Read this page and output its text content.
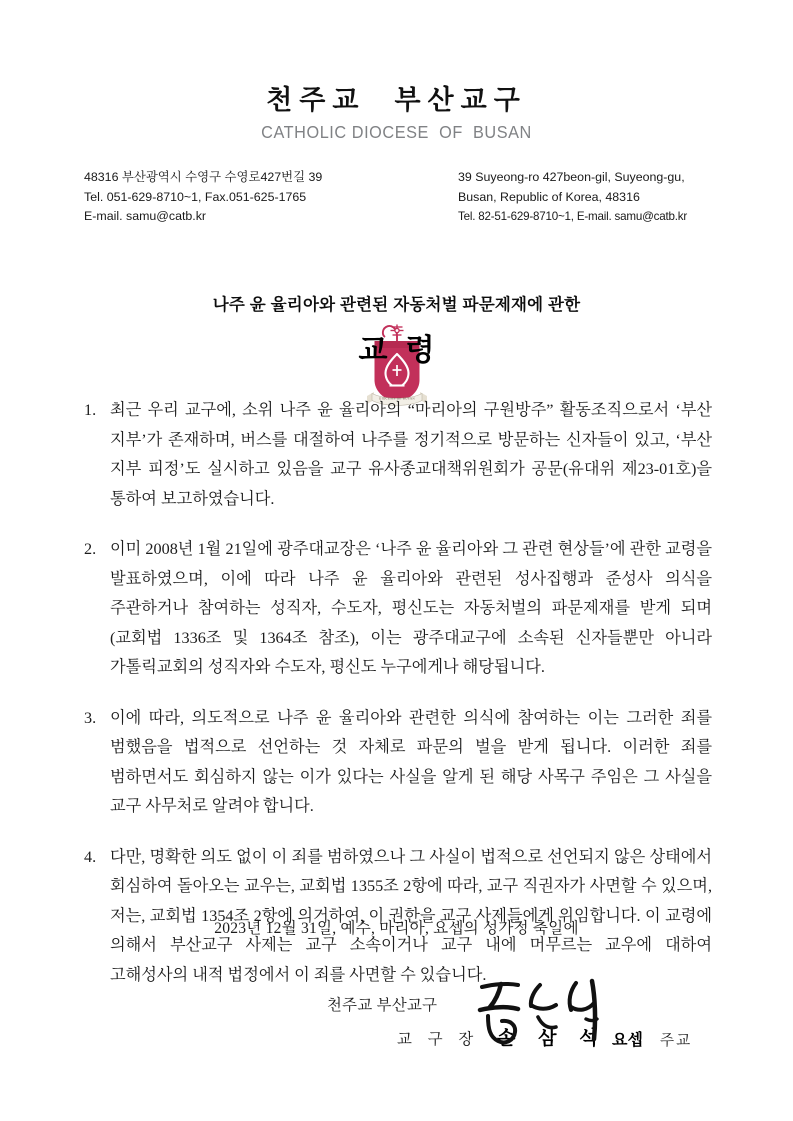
천주교  부산교구
CATHOLIC DIOCESE  OF  BUSAN
48316 부산광역시 수영구 수영로427번길 39
Tel. 051-629-8710~1, Fax.051-625-1765
E-mail. samu@catb.kr
39 Suyeong-ro 427beon-gil, Suyeong-gu,
Busan, Republic of Korea, 48316
Tel. 82-51-629-8710~1, E-mail. samu@catb.kr
DIOCESIS DE BUSAN
나주 윤 율리아와 관련된 자동처벌 파문제재에 관한
교령
1. 최근 우리 교구에, 소위 나주 윤 율리아의 “마리아의 구원방주” 활동조직으로서 ‘부산 지부’가 존재하며, 버스를 대절하여 나주를 정기적으로 방문하는 신자들이 있고, ‘부산 지부 피정’도 실시하고 있음을 교구 유사종교대책위원회가 공문(유대위 제23-01호)을 통하여 보고하였습니다.
2. 이미 2008년 1월 21일에 광주대교장은 ‘나주 윤 율리아와 그 관련 현상들’에 관한 교령을 발표하였으며, 이에 따라 나주 윤 율리아와 관련된 성사집행과 준성사 의식을 주관하거나 참여하는 성직자, 수도자, 평신도는 자동처벌의 파문제재를 받게 되며(교회법 1336조 및 1364조 참조), 이는 광주대교구에 소속된 신자들뿐만 아니라 가톨릭교회의 성직자와 수도자, 평신도 누구에게나 해당됩니다.
3. 이에 따라, 의도적으로 나주 윤 율리아와 관련한 의식에 참여하는 이는 그러한 죄를 범했음을 법적으로 선언하는 것 자체로 파문의 벌을 받게 됩니다. 이러한 죄를 범하면서도 회심하지 않는 이가 있다는 사실을 알게 된 해당 사목구 주임은 그 사실을 교구 사무처로 알려야 합니다.
4. 다만, 명확한 의도 없이 이 죄를 범하였으나 그 사실이 법적으로 선언되지 않은 상태에서 회심하여 돌아오는 교우는, 교회법 1355조 2항에 따라, 교구 직권자가 사면할 수 있으며, 저는, 교회법 1354조 2항에 의거하여, 이 권한을 교구 사제들에게 위임합니다. 이 교령에 의해서 부산교구 사제는 교구 소속이거나 교구 내에 머무르는 교우에 대하여 고해성사의 내적 법정에서 이 죄를 사면할 수 있습니다.
2023년 12월 31일, 예수, 마리아, 요셉의 성가정 축일에
천주교 부산교구
교 구 장 손 삼 석 요셉 주교
